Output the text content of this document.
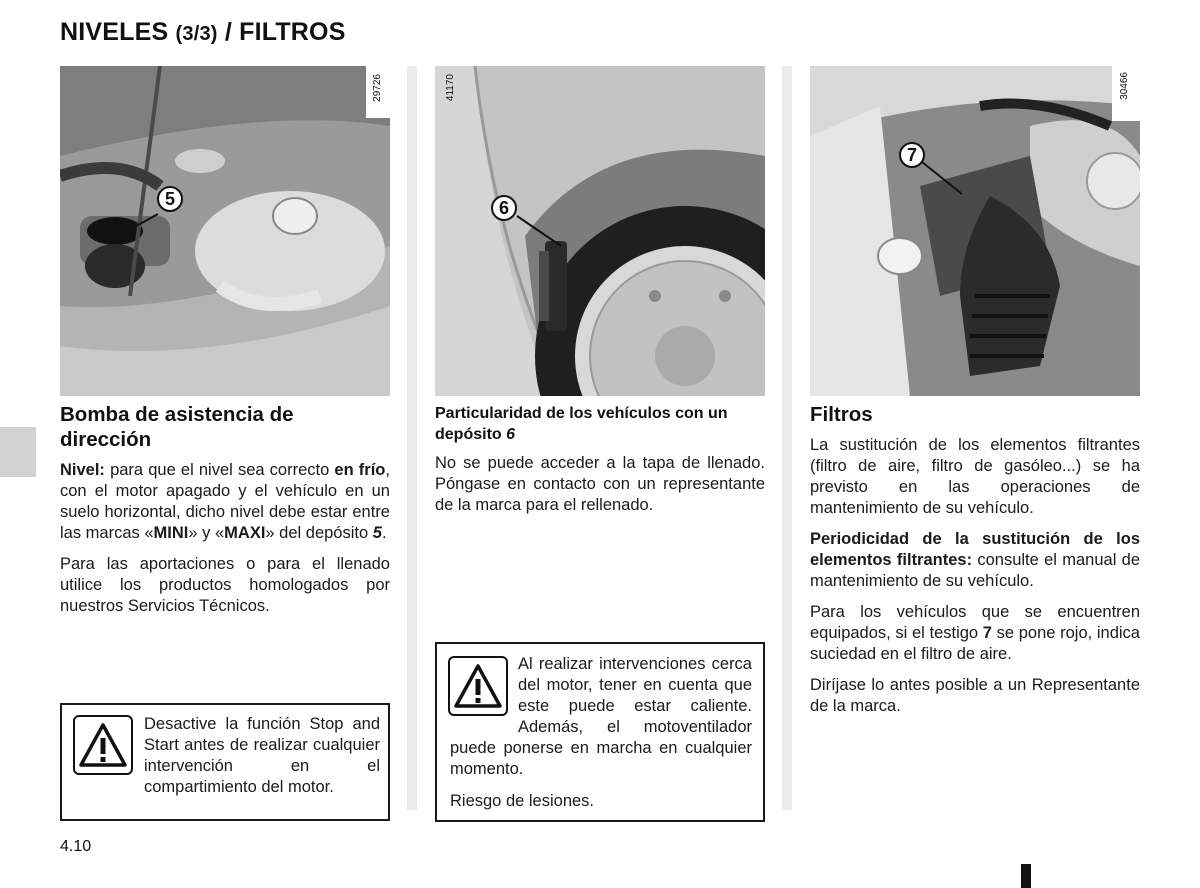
NIVELES (3/3) / FILTROS
29726
5
41170
6
30466
7
Bomba de asistencia de dirección

Nivel: para que el nivel sea correcto en frío, con el motor apagado y el vehículo en un suelo horizontal, dicho nivel debe estar entre las marcas «MINI» y «MAXI» del depósito 5.

Para las aportaciones o para el llenado utilice los productos homologados por nuestros Servicios Técnicos.

Desactive la función Stop and Start antes de realizar cualquier intervención en el compartimiento del motor.
Particularidad de los vehículos con un depósito 6

No se puede acceder a la tapa de llenado. Póngase en contacto con un representante de la marca para el rellenado.

Al realizar intervenciones cerca del motor, tener en cuenta que este puede estar caliente. Además, el motoventilador puede ponerse en marcha en cualquier momento.
Riesgo de lesiones.
Filtros

La sustitución de los elementos filtrantes (filtro de aire, filtro de gasóleo...) se ha previsto en las operaciones de mantenimiento de su vehículo.

Periodicidad de la sustitución de los elementos filtrantes: consulte el manual de mantenimiento de su vehículo.

Para los vehículos que se encuentren equipados, si el testigo 7 se pone rojo, indica suciedad en el filtro de aire.

Diríjase lo antes posible a un Representante de la marca.

4.10
